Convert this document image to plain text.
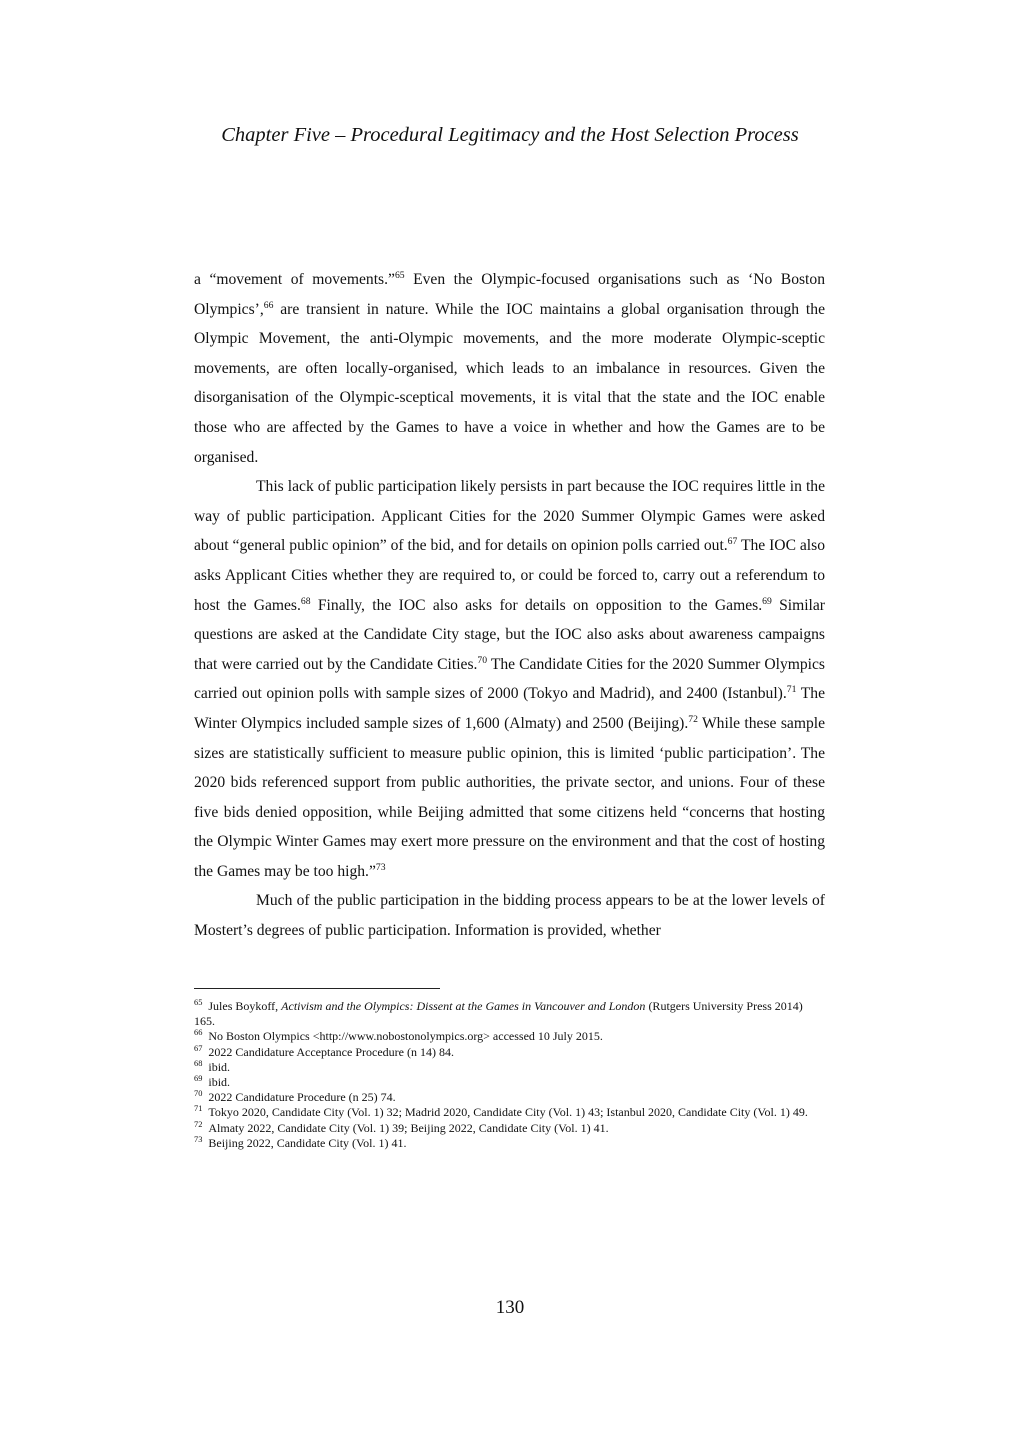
Chapter Five – Procedural Legitimacy and the Host Selection Process

a “movement of movements.”$^{65}$ Even the Olympic-focused organisations such as ‘No Boston Olympics’,$^{66}$ are transient in nature. While the IOC maintains a global organisation through the Olympic Movement, the anti-Olympic movements, and the more moderate Olympic-sceptic movements, are often locally-organised, which leads to an imbalance in resources. Given the disorganisation of the Olympic-sceptical movements, it is vital that the state and the IOC enable those who are affected by the Games to have a voice in whether and how the Games are to be organised.

This lack of public participation likely persists in part because the IOC requires little in the way of public participation. Applicant Cities for the 2020 Summer Olympic Games were asked about “general public opinion” of the bid, and for details on opinion polls carried out.$^{67}$ The IOC also asks Applicant Cities whether they are required to, or could be forced to, carry out a referendum to host the Games.$^{68}$ Finally, the IOC also asks for details on opposition to the Games.$^{69}$ Similar questions are asked at the Candidate City stage, but the IOC also asks about awareness campaigns that were carried out by the Candidate Cities.$^{70}$ The Candidate Cities for the 2020 Summer Olympics carried out opinion polls with sample sizes of 2000 (Tokyo and Madrid), and 2400 (Istanbul).$^{71}$ The Winter Olympics included sample sizes of 1,600 (Almaty) and 2500 (Beijing).$^{72}$ While these sample sizes are statistically sufficient to measure public opinion, this is limited ‘public participation’. The 2020 bids referenced support from public authorities, the private sector, and unions. Four of these five bids denied opposition, while Beijing admitted that some citizens held “concerns that hosting the Olympic Winter Games may exert more pressure on the environment and that the cost of hosting the Games may be too high.”$^{73}$

Much of the public participation in the bidding process appears to be at the lower levels of Mostert’s degrees of public participation. Information is provided, whether

$^{65}$ Jules Boykoff, Activism and the Olympics: Dissent at the Games in Vancouver and London (Rutgers University Press 2014) 165.

$^{66}$ No Boston Olympics <http://www.nobostonolympics.org> accessed 10 July 2015.

$^{67}$ 2022 Candidature Acceptance Procedure (n 14) 84.

$^{68}$ ibid.

$^{69}$ ibid.

$^{70}$ 2022 Candidature Procedure (n 25) 74.

$^{71}$ Tokyo 2020, Candidate City (Vol. 1) 32; Madrid 2020, Candidate City (Vol. 1) 43; Istanbul 2020, Candidate City (Vol. 1) 49.

$^{72}$ Almaty 2022, Candidate City (Vol. 1) 39; Beijing 2022, Candidate City (Vol. 1) 41.

$^{73}$ Beijing 2022, Candidate City (Vol. 1) 41.

130
